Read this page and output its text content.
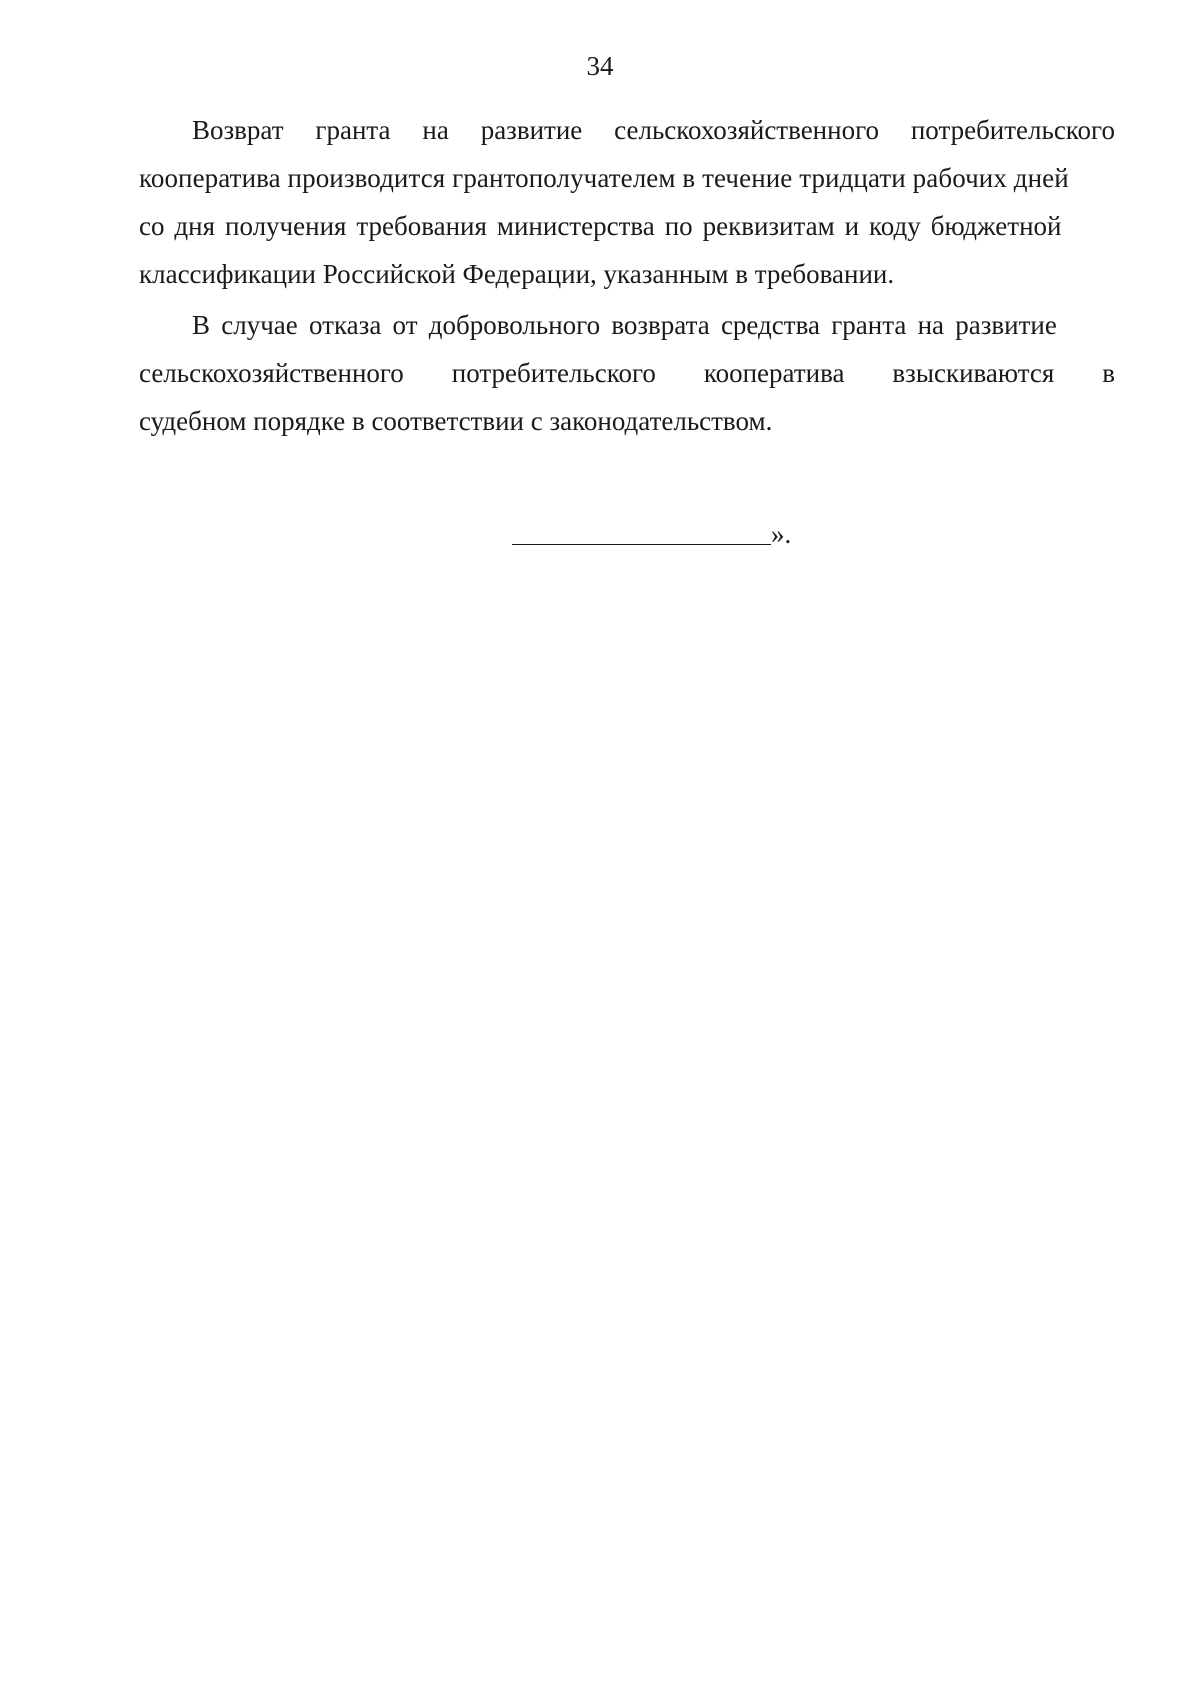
34
Возврат гранта на развитие сельскохозяйственного потребительского
кооператива производится грантополучателем в течение тридцати рабочих дней
со дня получения требования министерства по реквизитам и коду бюджетной
классификации Российской Федерации, указанным в требовании.
В случае отказа от добровольного возврата средства гранта на развитие
сельскохозяйственного потребительского кооператива взыскиваются в
судебном порядке в соответствии с законодательством.
».
